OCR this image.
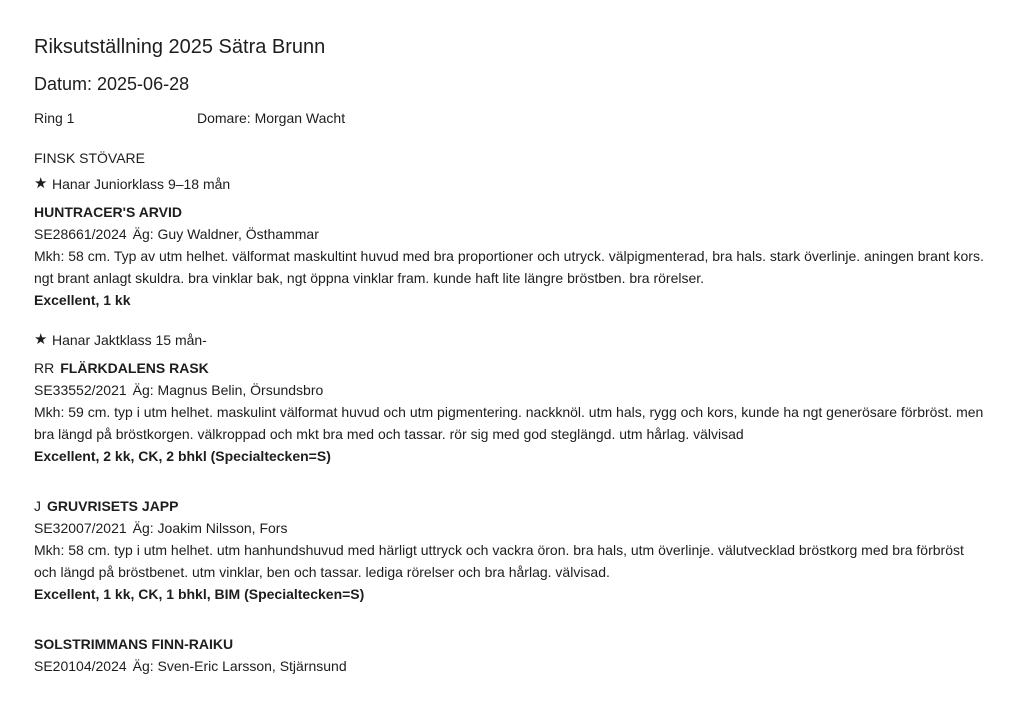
Riksutställning 2025 Sätra Brunn
Datum: 2025-06-28
Ring 1	Domare: Morgan Wacht
FINSK STÖVARE
★ Hanar Juniorklass 9–18 mån
HUNTRACER'S ARVID
SE28661/2024 Äg: Guy Waldner, Östhammar

Mkh: 58 cm. Typ av utm helhet. välformat maskultint huvud med bra proportioner och utryck. välpigmenterad, bra hals. stark överlinje. aningen brant kors. ngt brant anlagt skuldra. bra vinklar bak, ngt öppna vinklar fram. kunde haft lite längre bröstben. bra rörelser.

Excellent, 1 kk
★ Hanar Jaktklass 15 mån-
RR FLÄRKDALENS RASK
SE33552/2021 Äg: Magnus Belin, Örsundsbro

Mkh: 59 cm. typ i utm helhet. maskulint välformat huvud och utm pigmentering. nackknöl. utm hals, rygg och kors, kunde ha ngt generösare förbröst. men bra längd på bröstkorgen. välkroppad och mkt bra med och tassar. rör sig med god steglängd. utm hårlag. välvisad

Excellent, 2 kk, CK, 2 bhkl (Specialtecken=S)
J GRUVRISETS JAPP
SE32007/2021 Äg: Joakim Nilsson, Fors

Mkh: 58 cm. typ i utm helhet. utm hanhundshuvud med härligt uttryck och vackra öron. bra hals, utm överlinje. välutvecklad bröstkorg med bra förbröst och längd på bröstbenet. utm vinklar, ben och tassar. lediga rörelser och bra hårlag. välvisad.

Excellent, 1 kk, CK, 1 bhkl, BIM (Specialtecken=S)
SOLSTRIMMANS FINN-RAIKU
SE20104/2024 Äg: Sven-Eric Larsson, Stjärnsund
